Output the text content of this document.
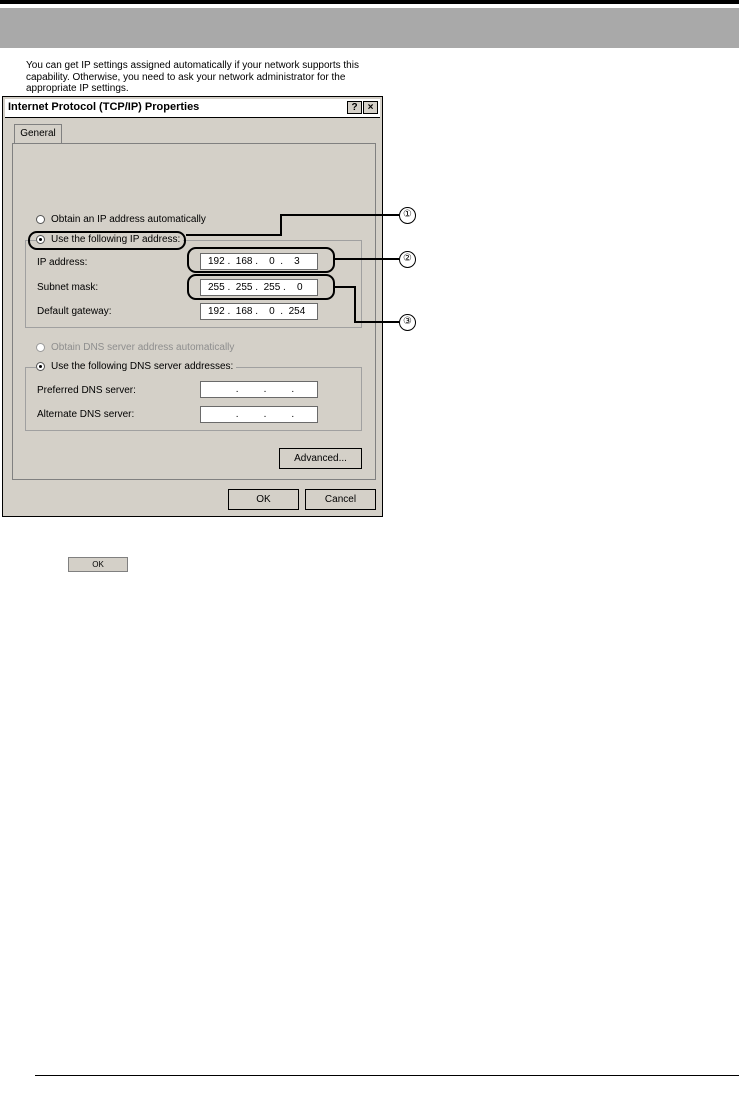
Internet Protocol (TCP/IP) Properties	?	×
General
You can get IP settings assigned automatically if your network supports this capability. Otherwise, you need to ask your network administrator for the appropriate IP settings.
Obtain an IP address automatically
Use the following IP address:
IP address:	192 .  168 .    0  .    3
Subnet mask:	255 .  255 .  255 .    0
Default gateway:	192 .  168 .    0  .  254
Obtain DNS server address automatically
Use the following DNS server addresses:
Preferred DNS server:	.         .         .
Alternate DNS server:	.         .         .
Advanced...
OK	Cancel
①
②
③
OK
